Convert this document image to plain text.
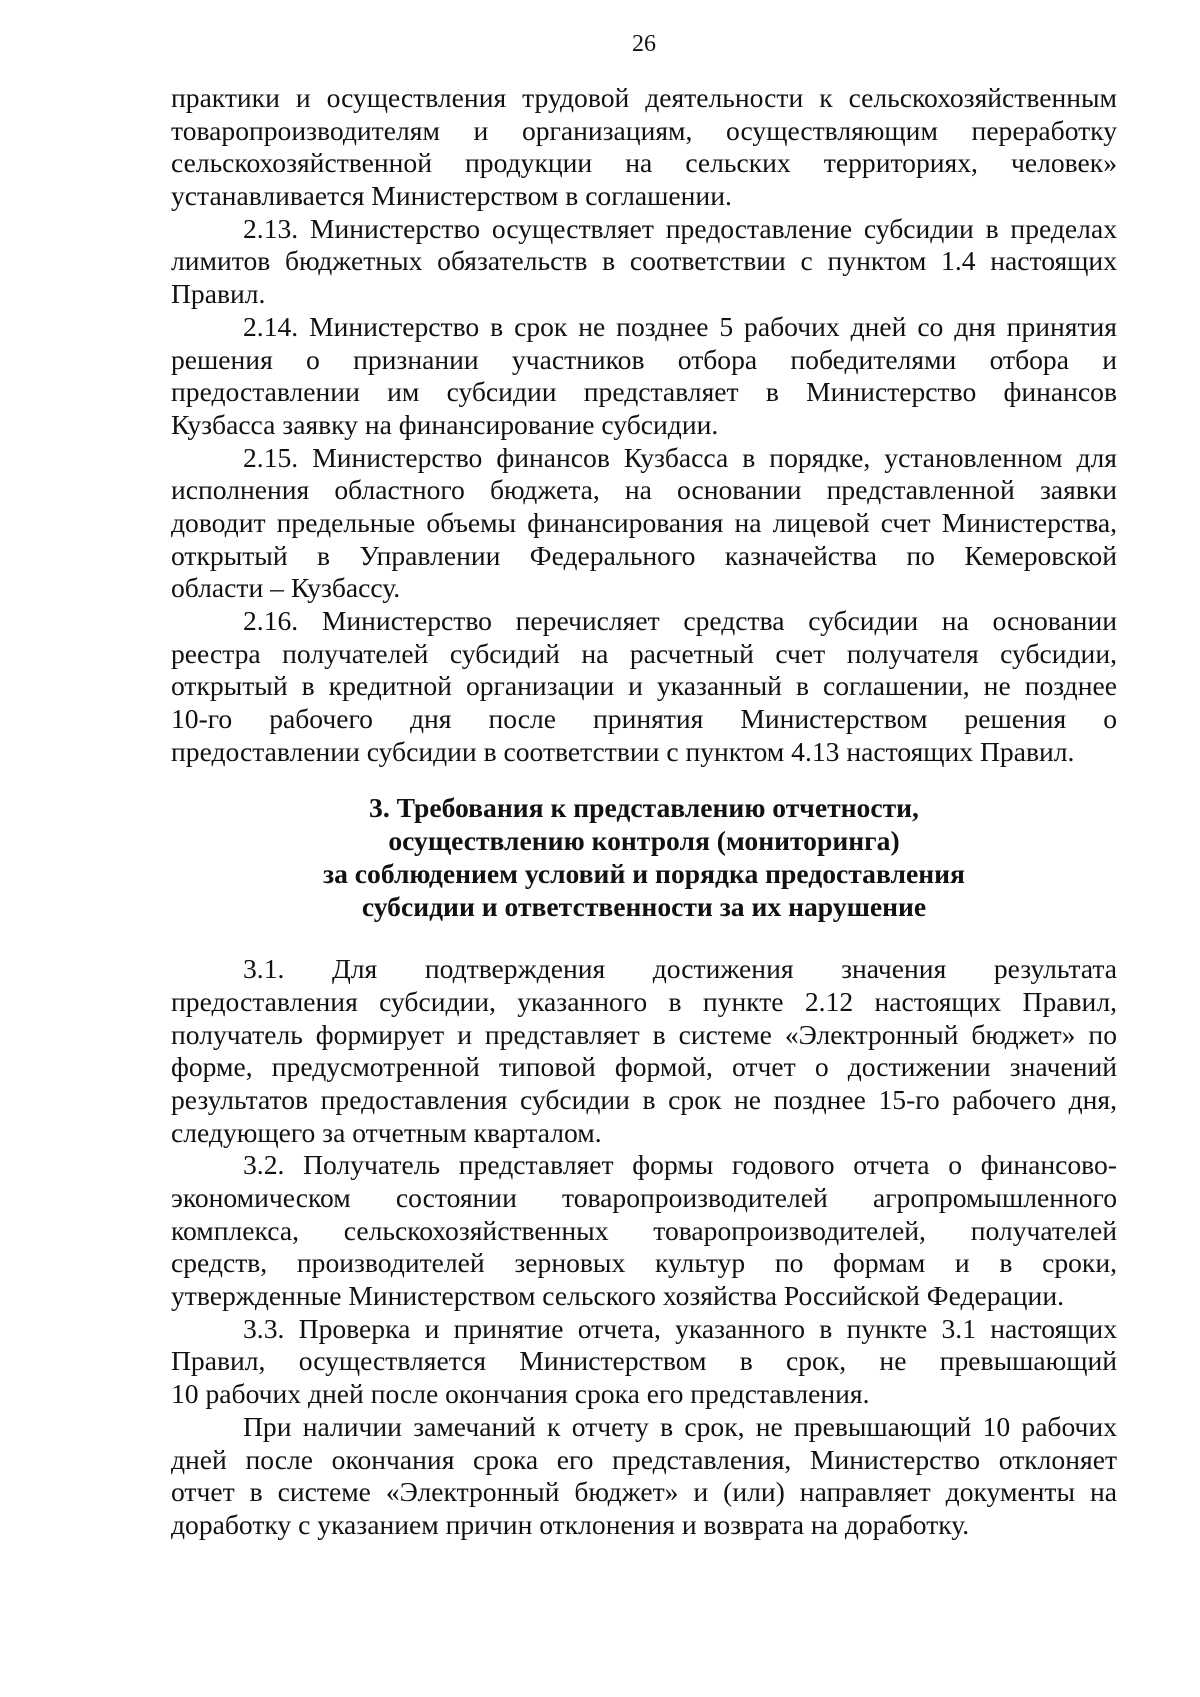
26
практики и осуществления трудовой деятельности к сельскохозяйственным
товаропроизводителям и организациям, осуществляющим переработку
сельскохозяйственной продукции на сельских территориях, человек»
устанавливается Министерством в соглашении.
2.13. Министерство осуществляет предоставление субсидии в пределах
лимитов бюджетных обязательств в соответствии с пунктом 1.4 настоящих
Правил.
2.14. Министерство в срок не позднее 5 рабочих дней со дня принятия
решения о признании участников отбора победителями отбора и
предоставлении им субсидии представляет в Министерство финансов
Кузбасса заявку на финансирование субсидии.
2.15. Министерство финансов Кузбасса в порядке, установленном для
исполнения областного бюджета, на основании представленной заявки
доводит предельные объемы финансирования на лицевой счет Министерства,
открытый в Управлении Федерального казначейства по Кемеровской
области – Кузбассу.
2.16. Министерство перечисляет средства субсидии на основании
реестра получателей субсидий на расчетный счет получателя субсидии,
открытый в кредитной организации и указанный в соглашении, не позднее
10-го рабочего дня после принятия Министерством решения о
предоставлении субсидии в соответствии с пунктом 4.13 настоящих Правил.
3. Требования к представлению отчетности,
осуществлению контроля (мониторинга)
за соблюдением условий и порядка предоставления
субсидии и ответственности за их нарушение
3.1. Для подтверждения достижения значения результата
предоставления субсидии, указанного в пункте 2.12 настоящих Правил,
получатель формирует и представляет в системе «Электронный бюджет» по
форме, предусмотренной типовой формой, отчет о достижении значений
результатов предоставления субсидии в срок не позднее 15-го рабочего дня,
следующего за отчетным кварталом.
3.2. Получатель представляет формы годового отчета о финансово-
экономическом состоянии товаропроизводителей агропромышленного
комплекса, сельскохозяйственных товаропроизводителей, получателей
средств, производителей зерновых культур по формам и в сроки,
утвержденные Министерством сельского хозяйства Российской Федерации.
3.3. Проверка и принятие отчета, указанного в пункте 3.1 настоящих
Правил, осуществляется Министерством в срок, не превышающий
10 рабочих дней после окончания срока его представления.
При наличии замечаний к отчету в срок, не превышающий 10 рабочих
дней после окончания срока его представления, Министерство отклоняет
отчет в системе «Электронный бюджет» и (или) направляет документы на
доработку с указанием причин отклонения и возврата на доработку.
